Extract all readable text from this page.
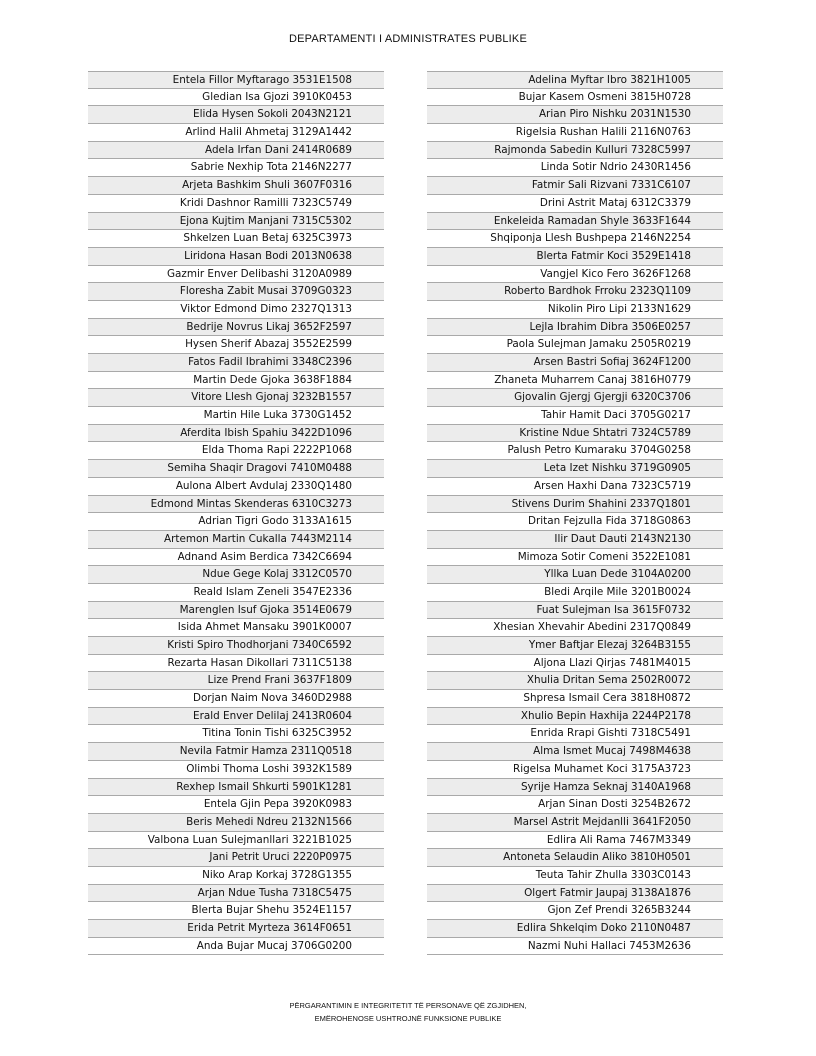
DEPARTAMENTI I ADMINISTRATES PUBLIKE
Entela Fillor Myftarago 3531E1508
Gledian Isa Gjozi 3910K0453
Elida Hysen Sokoli 2043N2121
Arlind Halil Ahmetaj 3129A1442
Adela Irfan Dani 2414R0689
Sabrie Nexhip Tota 2146N2277
Arjeta Bashkim Shuli 3607F0316
Kridi Dashnor Ramilli 7323C5749
Ejona Kujtim Manjani 7315C5302
Shkelzen Luan Betaj 6325C3973
Liridona Hasan Bodi 2013N0638
Gazmir Enver Delibashi 3120A0989
Floresha Zabit Musai 3709G0323
Viktor Edmond Dimo 2327Q1313
Bedrije Novrus Likaj 3652F2597
Hysen Sherif Abazaj 3552E2599
Fatos Fadil Ibrahimi 3348C2396
Martin Dede Gjoka 3638F1884
Vitore Llesh Gjonaj 3232B1557
Martin Hile Luka 3730G1452
Aferdita Ibish Spahiu 3422D1096
Elda Thoma Rapi 2222P1068
Semiha Shaqir Dragovi 7410M0488
Aulona Albert Avdulaj 2330Q1480
Edmond Mintas Skenderas 6310C3273
Adrian Tigri Godo 3133A1615
Artemon Martin Cukalla 7443M2114
Adnand Asim Berdica 7342C6694
Ndue Gege Kolaj 3312C0570
Reald Islam Zeneli 3547E2336
Marenglen Isuf Gjoka 3514E0679
Isida Ahmet Mansaku 3901K0007
Kristi Spiro Thodhorjani 7340C6592
Rezarta Hasan Dikollari 7311C5138
Lize Prend Frani 3637F1809
Dorjan Naim Nova 3460D2988
Erald Enver Delilaj 2413R0604
Titina Tonin Tishi 6325C3952
Nevila Fatmir Hamza 2311Q0518
Olimbi Thoma Loshi 3932K1589
Rexhep Ismail Shkurti 5901K1281
Entela Gjin Pepa 3920K0983
Beris Mehedi Ndreu 2132N1566
Valbona Luan Sulejmanllari 3221B1025
Jani Petrit Uruci 2220P0975
Niko Arap Korkaj 3728G1355
Arjan Ndue Tusha 7318C5475
Blerta Bujar Shehu 3524E1157
Erida Petrit Myrteza 3614F0651
Anda Bujar Mucaj 3706G0200
Adelina Myftar Ibro 3821H1005
Bujar Kasem Osmeni 3815H0728
Arian Piro Nishku 2031N1530
Rigelsia Rushan Halili 2116N0763
Rajmonda Sabedin Kulluri 7328C5997
Linda Sotir Ndrio 2430R1456
Fatmir Sali Rizvani 7331C6107
Drini Astrit Mataj 6312C3379
Enkeleida Ramadan Shyle 3633F1644
Shqiponja Llesh Bushpepa 2146N2254
Blerta Fatmir Koci 3529E1418
Vangjel Kico Fero 3626F1268
Roberto Bardhok Frroku 2323Q1109
Nikolin Piro Lipi 2133N1629
Lejla Ibrahim Dibra 3506E0257
Paola Sulejman Jamaku 2505R0219
Arsen Bastri Sofiaj 3624F1200
Zhaneta Muharrem Canaj 3816H0779
Gjovalin Gjergj Gjergji 6320C3706
Tahir Hamit Daci 3705G0217
Kristine Ndue Shtatri 7324C5789
Palush Petro Kumaraku 3704G0258
Leta Izet Nishku 3719G0905
Arsen Haxhi Dana 7323C5719
Stivens Durim Shahini 2337Q1801
Dritan Fejzulla Fida 3718G0863
Ilir Daut Dauti 2143N2130
Mimoza Sotir Comeni 3522E1081
Yllka Luan Dede 3104A0200
Bledi Arqile Mile 3201B0024
Fuat Sulejman Isa 3615F0732
Xhesian Xhevahir Abedini 2317Q0849
Ymer Baftjar Elezaj 3264B3155
Aljona Llazi Qirjas 7481M4015
Xhulia Dritan Sema 2502R0072
Shpresa Ismail Cera 3818H0872
Xhulio Bepin Haxhija 2244P2178
Enrida Rrapi Gishti 7318C5491
Alma Ismet Mucaj 7498M4638
Rigelsa Muhamet Koci 3175A3723
Syrije Hamza Seknaj 3140A1968
Arjan Sinan Dosti 3254B2672
Marsel Astrit Mejdanlli 3641F2050
Edlira Ali Rama 7467M3349
Antoneta Selaudin Aliko 3810H0501
Teuta Tahir Zhulla 3303C0143
Olgert Fatmir Jaupaj 3138A1876
Gjon Zef Prendi 3265B3244
Edlira Shkelqim Doko 2110N0487
Nazmi Nuhi Hallaci 7453M2636
PËRGARANTIMIN E INTEGRITETIT TË PERSONAVE QË ZGJIDHEN,
EMËROHENOSE USHTROJNË FUNKSIONE PUBLIKE
